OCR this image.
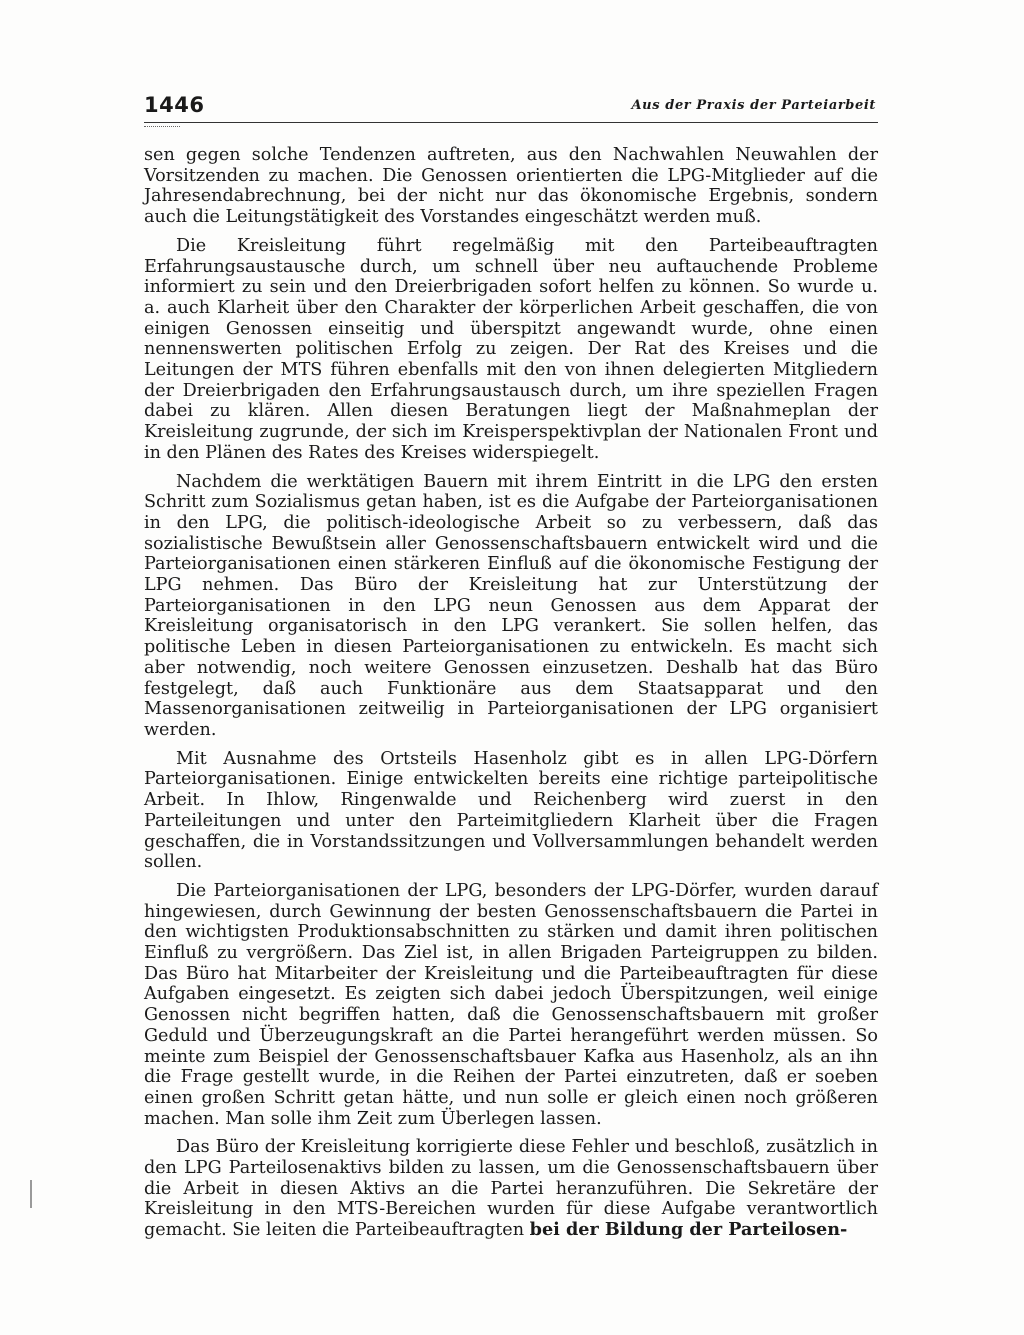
1446	Aus der Praxis der Parteiarbeit

sen gegen solche Tendenzen auftreten, aus den Nachwahlen Neuwahlen der Vorsitzenden zu machen. Die Genossen orientierten die LPG-Mitglieder auf die Jahresendabrechnung, bei der nicht nur das ökonomische Ergebnis, sondern auch die Leitungstätigkeit des Vorstandes eingeschätzt werden muß.

Die Kreisleitung führt regelmäßig mit den Parteibeauftragten Erfahrungsaustausche durch, um schnell über neu auftauchende Probleme informiert zu sein und den Dreierbrigaden sofort helfen zu können. So wurde u. a. auch Klarheit über den Charakter der körperlichen Arbeit geschaffen, die von einigen Genossen einseitig und überspitzt angewandt wurde, ohne einen nennenswerten politischen Erfolg zu zeigen. Der Rat des Kreises und die Leitungen der MTS führen ebenfalls mit den von ihnen delegierten Mitgliedern der Dreierbrigaden den Erfahrungsaustausch durch, um ihre speziellen Fragen dabei zu klären. Allen diesen Beratungen liegt der Maßnahmeplan der Kreisleitung zugrunde, der sich im Kreisperspektivplan der Nationalen Front und in den Plänen des Rates des Kreises widerspiegelt.

Nachdem die werktätigen Bauern mit ihrem Eintritt in die LPG den ersten Schritt zum Sozialismus getan haben, ist es die Aufgabe der Parteiorganisationen in den LPG, die politisch-ideologische Arbeit so zu verbessern, daß das sozialistische Bewußtsein aller Genossenschaftsbauern entwickelt wird und die Parteiorganisationen einen stärkeren Einfluß auf die ökonomische Festigung der LPG nehmen. Das Büro der Kreisleitung hat zur Unterstützung der Parteiorganisationen in den LPG neun Genossen aus dem Apparat der Kreisleitung organisatorisch in den LPG verankert. Sie sollen helfen, das politische Leben in diesen Parteiorganisationen zu entwickeln. Es macht sich aber notwendig, noch weitere Genossen einzusetzen. Deshalb hat das Büro festgelegt, daß auch Funktionäre aus dem Staatsapparat und den Massenorganisationen zeitweilig in Parteiorganisationen der LPG organisiert werden.

Mit Ausnahme des Ortsteils Hasenholz gibt es in allen LPG-Dörfern Parteiorganisationen. Einige entwickelten bereits eine richtige parteipolitische Arbeit. In Ihlow, Ringenwalde und Reichenberg wird zuerst in den Parteileitungen und unter den Parteimitgliedern Klarheit über die Fragen geschaffen, die in Vorstandssitzungen und Vollversammlungen behandelt werden sollen.

Die Parteiorganisationen der LPG, besonders der LPG-Dörfer, wurden darauf hingewiesen, durch Gewinnung der besten Genossenschaftsbauern die Partei in den wichtigsten Produktionsabschnitten zu stärken und damit ihren politischen Einfluß zu vergrößern. Das Ziel ist, in allen Brigaden Parteigruppen zu bilden. Das Büro hat Mitarbeiter der Kreisleitung und die Parteibeauftragten für diese Aufgaben eingesetzt. Es zeigten sich dabei jedoch Überspitzungen, weil einige Genossen nicht begriffen hatten, daß die Genossenschaftsbauern mit großer Geduld und Überzeugungskraft an die Partei herangeführt werden müssen. So meinte zum Beispiel der Genossenschaftsbauer Kafka aus Hasenholz, als an ihn die Frage gestellt wurde, in die Reihen der Partei einzutreten, daß er soeben einen großen Schritt getan hätte, und nun solle er gleich einen noch größeren machen. Man solle ihm Zeit zum Überlegen lassen.

Das Büro der Kreisleitung korrigierte diese Fehler und beschloß, zusätzlich in den LPG Parteilosenaktivs bilden zu lassen, um die Genossenschaftsbauern über die Arbeit in diesen Aktivs an die Partei heranzuführen. Die Sekretäre der Kreisleitung in den MTS-Bereichen wurden für diese Aufgabe verantwortlich gemacht. Sie leiten die Parteibeauftragten bei der Bildung der Parteilosen-
